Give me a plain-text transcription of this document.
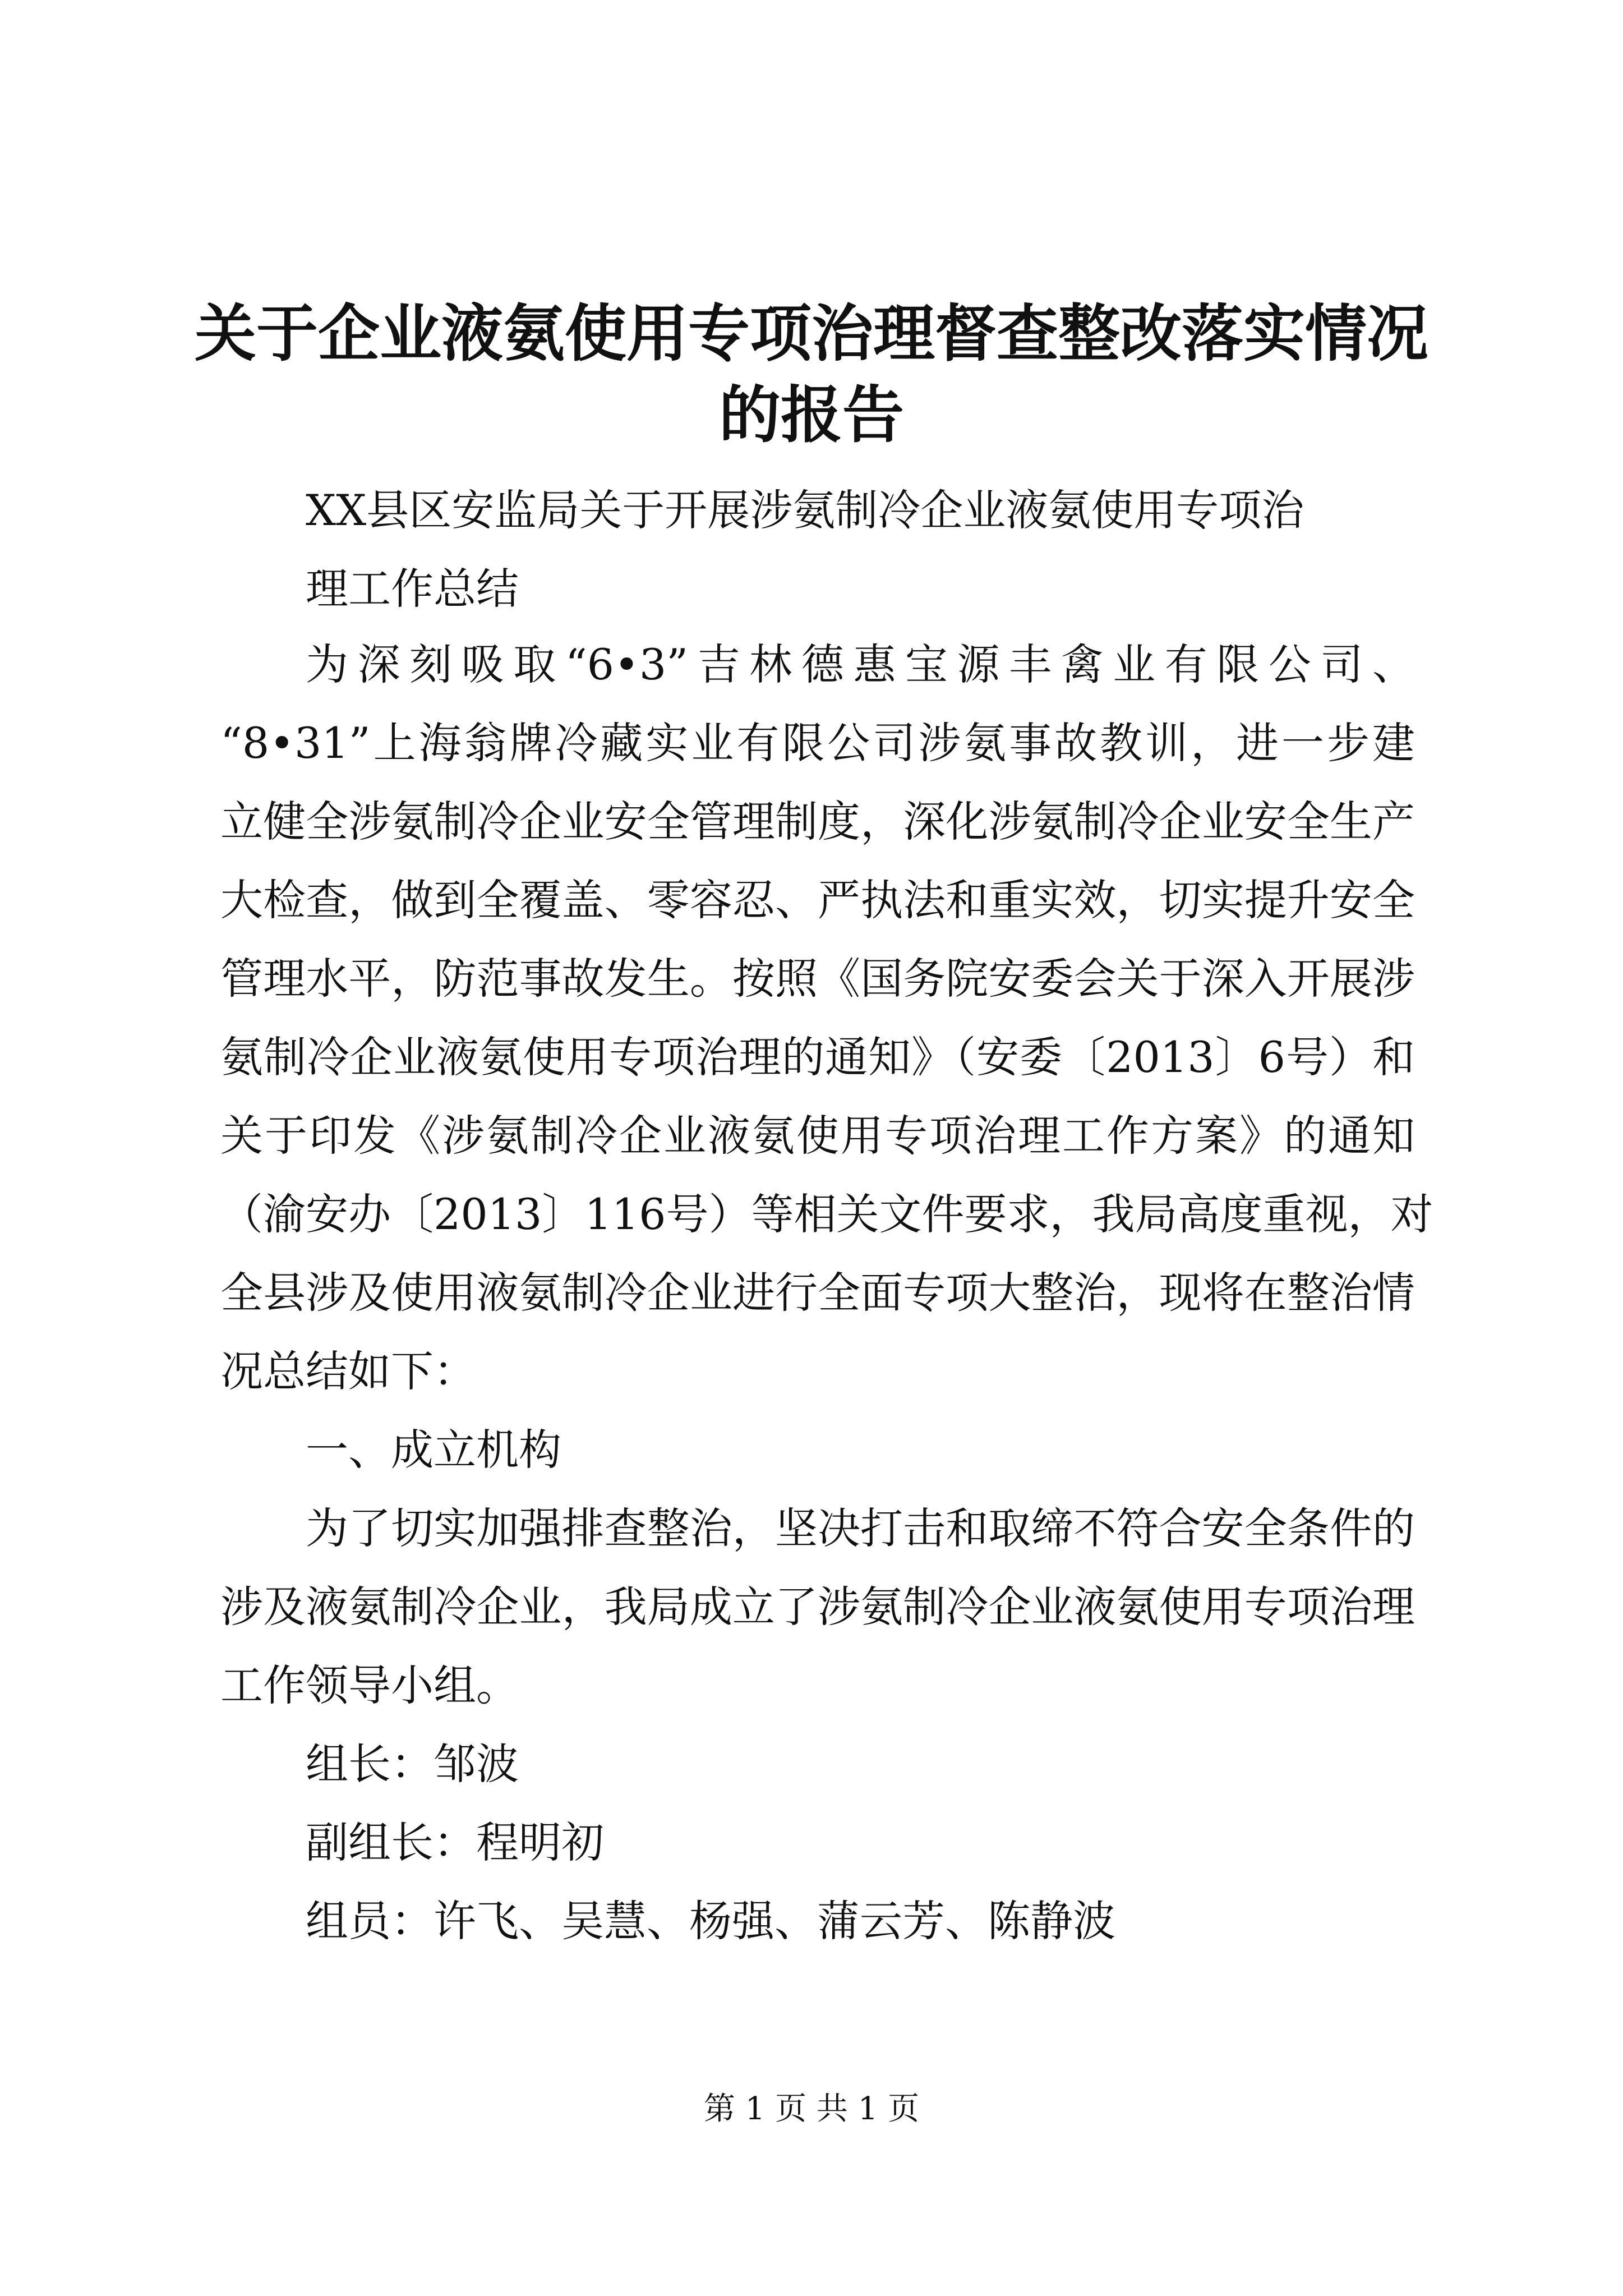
关于企业液氨使用专项治理督查整改落实情况
的报告

XX县区安监局关于开展涉氨制冷企业液氨使用专项治

理工作总结

为深刻吸取“6•3”吉林德惠宝源丰禽业有限公司、

“8•31”上海翁牌冷藏实业有限公司涉氨事故教训，进一步建

立健全涉氨制冷企业安全管理制度，深化涉氨制冷企业安全生产

大检查，做到全覆盖、零容忍、严执法和重实效，切实提升安全

管理水平，防范事故发生。按照《国务院安委会关于深入开展涉

氨制冷企业液氨使用专项治理的通知》（安委〔2013〕6号）和

关于印发《涉氨制冷企业液氨使用专项治理工作方案》的通知

（渝安办〔2013〕116号）等相关文件要求，我局高度重视，对

全县涉及使用液氨制冷企业进行全面专项大整治，现将在整治情

况总结如下：

一、成立机构

为了切实加强排查整治，坚决打击和取缔不符合安全条件的

涉及液氨制冷企业，我局成立了涉氨制冷企业液氨使用专项治理

工作领导小组。

组长：邹波

副组长：程明初

组员：许飞、吴慧、杨强、蒲云芳、陈静波

第 1 页 共 1 页
